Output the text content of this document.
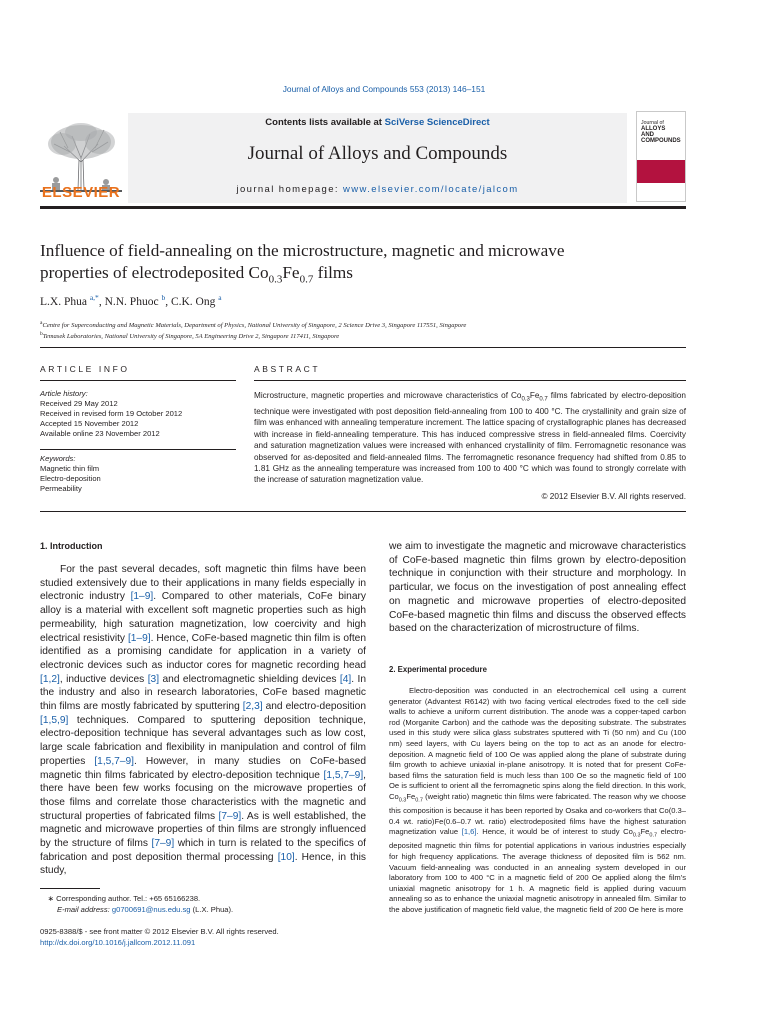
Journal of Alloys and Compounds 553 (2013) 146–151
ELSEVIER
Contents lists available at SciVerse ScienceDirect
Journal of Alloys and Compounds
journal homepage: www.elsevier.com/locate/jalcom
Journal of
ALLOYS
AND COMPOUNDS
Influence of field-annealing on the microstructure, magnetic and microwave
properties of electrodeposited $Co_{0.3}Fe_{0.7}$ films
L.X. Phua $^{a,*}$, N.N. Phuoc $^b$, C.K. Ong $^a$
$^a$Centre for Superconducting and Magnetic Materials, Department of Physics, National University of Singapore, 2 Science Drive 3, Singapore 117551, Singapore
$^b$Temasek Laboratories, National University of Singapore, 5A Engineering Drive 2, Singapore 117411, Singapore
ARTICLE INFO
Article history:
Received 29 May 2012
Received in revised form 19 October 2012
Accepted 15 November 2012
Available online 23 November 2012
Keywords:
Magnetic thin film
Electro-deposition
Permeability
ABSTRACT
Microstructure, magnetic properties and microwave characteristics of $Co_{0.3}Fe_{0.7}$ films fabricated by electro-deposition technique were investigated with post deposition field-annealing from 100 to 400 °C. The crystallinity and grain size of film was enhanced with annealing temperature increment. The lattice spacing of crystallographic planes has decreased with increase in field-annealing temperature. This has induced compressive stress in field-annealed films. Coercivity and saturation magnetization values were increased with enhanced crystallinity of film. Ferromagnetic resonance was observed for as-deposited and field-annealed films. The ferromagnetic resonance frequency had shifted from 0.85 to 1.81 GHz as the annealing temperature was increased from 100 to 400 °C which was found to strongly correlate with the increase of saturation magnetization value.
© 2012 Elsevier B.V. All rights reserved.
1. Introduction
For the past several decades, soft magnetic thin films have been studied extensively due to their applications in many fields especially in electronic industry [1–9]. Compared to other materials, CoFe binary alloy is a material with excellent soft magnetic properties such as high permeability, high saturation magnetization, low coercivity and high electrical resistivity [1–9]. Hence, CoFe-based magnetic thin film is often identified as a promising candidate for application in a variety of electronic devices such as inductor cores for magnetic recording head [1,2], inductive devices [3] and electromagnetic shielding devices [4]. In the industry and also in research laboratories, CoFe based magnetic thin films are mostly fabricated by sputtering [2,3] and electro-deposition [1,5,9] techniques. Compared to sputtering deposition technique, electro-deposition technique has several advantages such as low cost, large scale fabrication and flexibility in manipulation and control of film properties [1,5,7–9]. However, in many studies on CoFe-based magnetic thin films fabricated by electro-deposition technique [1,5,7–9], there have been few works focusing on the microwave properties of those films and correlate those characteristics with the magnetic and structural properties of fabricated films [7–9]. As is well established, the magnetic and microwave properties of thin films are strongly influenced by the structure of films [7–9] which in turn is related to the specifics of fabrication and post deposition thermal processing [10]. Hence, in this study,
we aim to investigate the magnetic and microwave characteristics of CoFe-based magnetic thin films grown by electro-deposition technique in conjunction with their structure and morphology. In particular, we focus on the investigation of post annealing effect on magnetic and microwave properties of electro-deposited CoFe-based magnetic thin films and discuss the observed effects based on the characterization of microstructure of films.
2. Experimental procedure
Electro-deposition was conducted in an electrochemical cell using a current generator (Advantest R6142) with two facing vertical electrodes fixed to the cell side walls to achieve a uniform current distribution. The anode was a copper-taped carbon rod (Morganite Carbon) and the cathode was the depositing substrate. The substrates used in this study were silica glass substrates sputtered with Ti (50 nm) and Cu (100 nm) seed layers, with Cu layers being on the top to act as an anode for electro-deposition. A magnetic field of 100 Oe was applied along the plane of substrate during film growth to achieve uniaxial in-plane anisotropy. It is noted that for present CoFe-based films the saturation field is much less than 100 Oe so the magnetic field of 100 Oe is sufficient to orient all the ferromagnetic spins along the field direction. In this work, $Co_{0.3}Fe_{0.7}$ (weight ratio) magnetic thin films were fabricated. The reason why we choose this composition is because it has been reported by Osaka and co-workers that Co(0.3–0.4 wt. ratio)Fe(0.6–0.7 wt. ratio) electrodeposited films have the highest saturation magnetization value [1,6]. Hence, it would be of interest to study $Co_{0.3}Fe_{0.7}$ electro-deposited magnetic thin films for potential applications in various industries especially for high frequency applications. The average thickness of deposited film is 562 nm. Vacuum field-annealing was conducted in an annealing system developed in our laboratory from 100 to 400 °C in a magnetic field of 200 Oe applied along the film's uniaxial magnetic anisotropy for 1 h. A magnetic field is applied during vacuum annealing so as to enhance the uniaxial magnetic anisotropy in annealed film. Similar to the above justification of magnetic field value, the magnetic field of 200 Oe here is more
∗ Corresponding author. Tel.: +65 65166238.
E-mail address: g0700691@nus.edu.sg (L.X. Phua).
0925-8388/$ - see front matter © 2012 Elsevier B.V. All rights reserved.
http://dx.doi.org/10.1016/j.jallcom.2012.11.091
